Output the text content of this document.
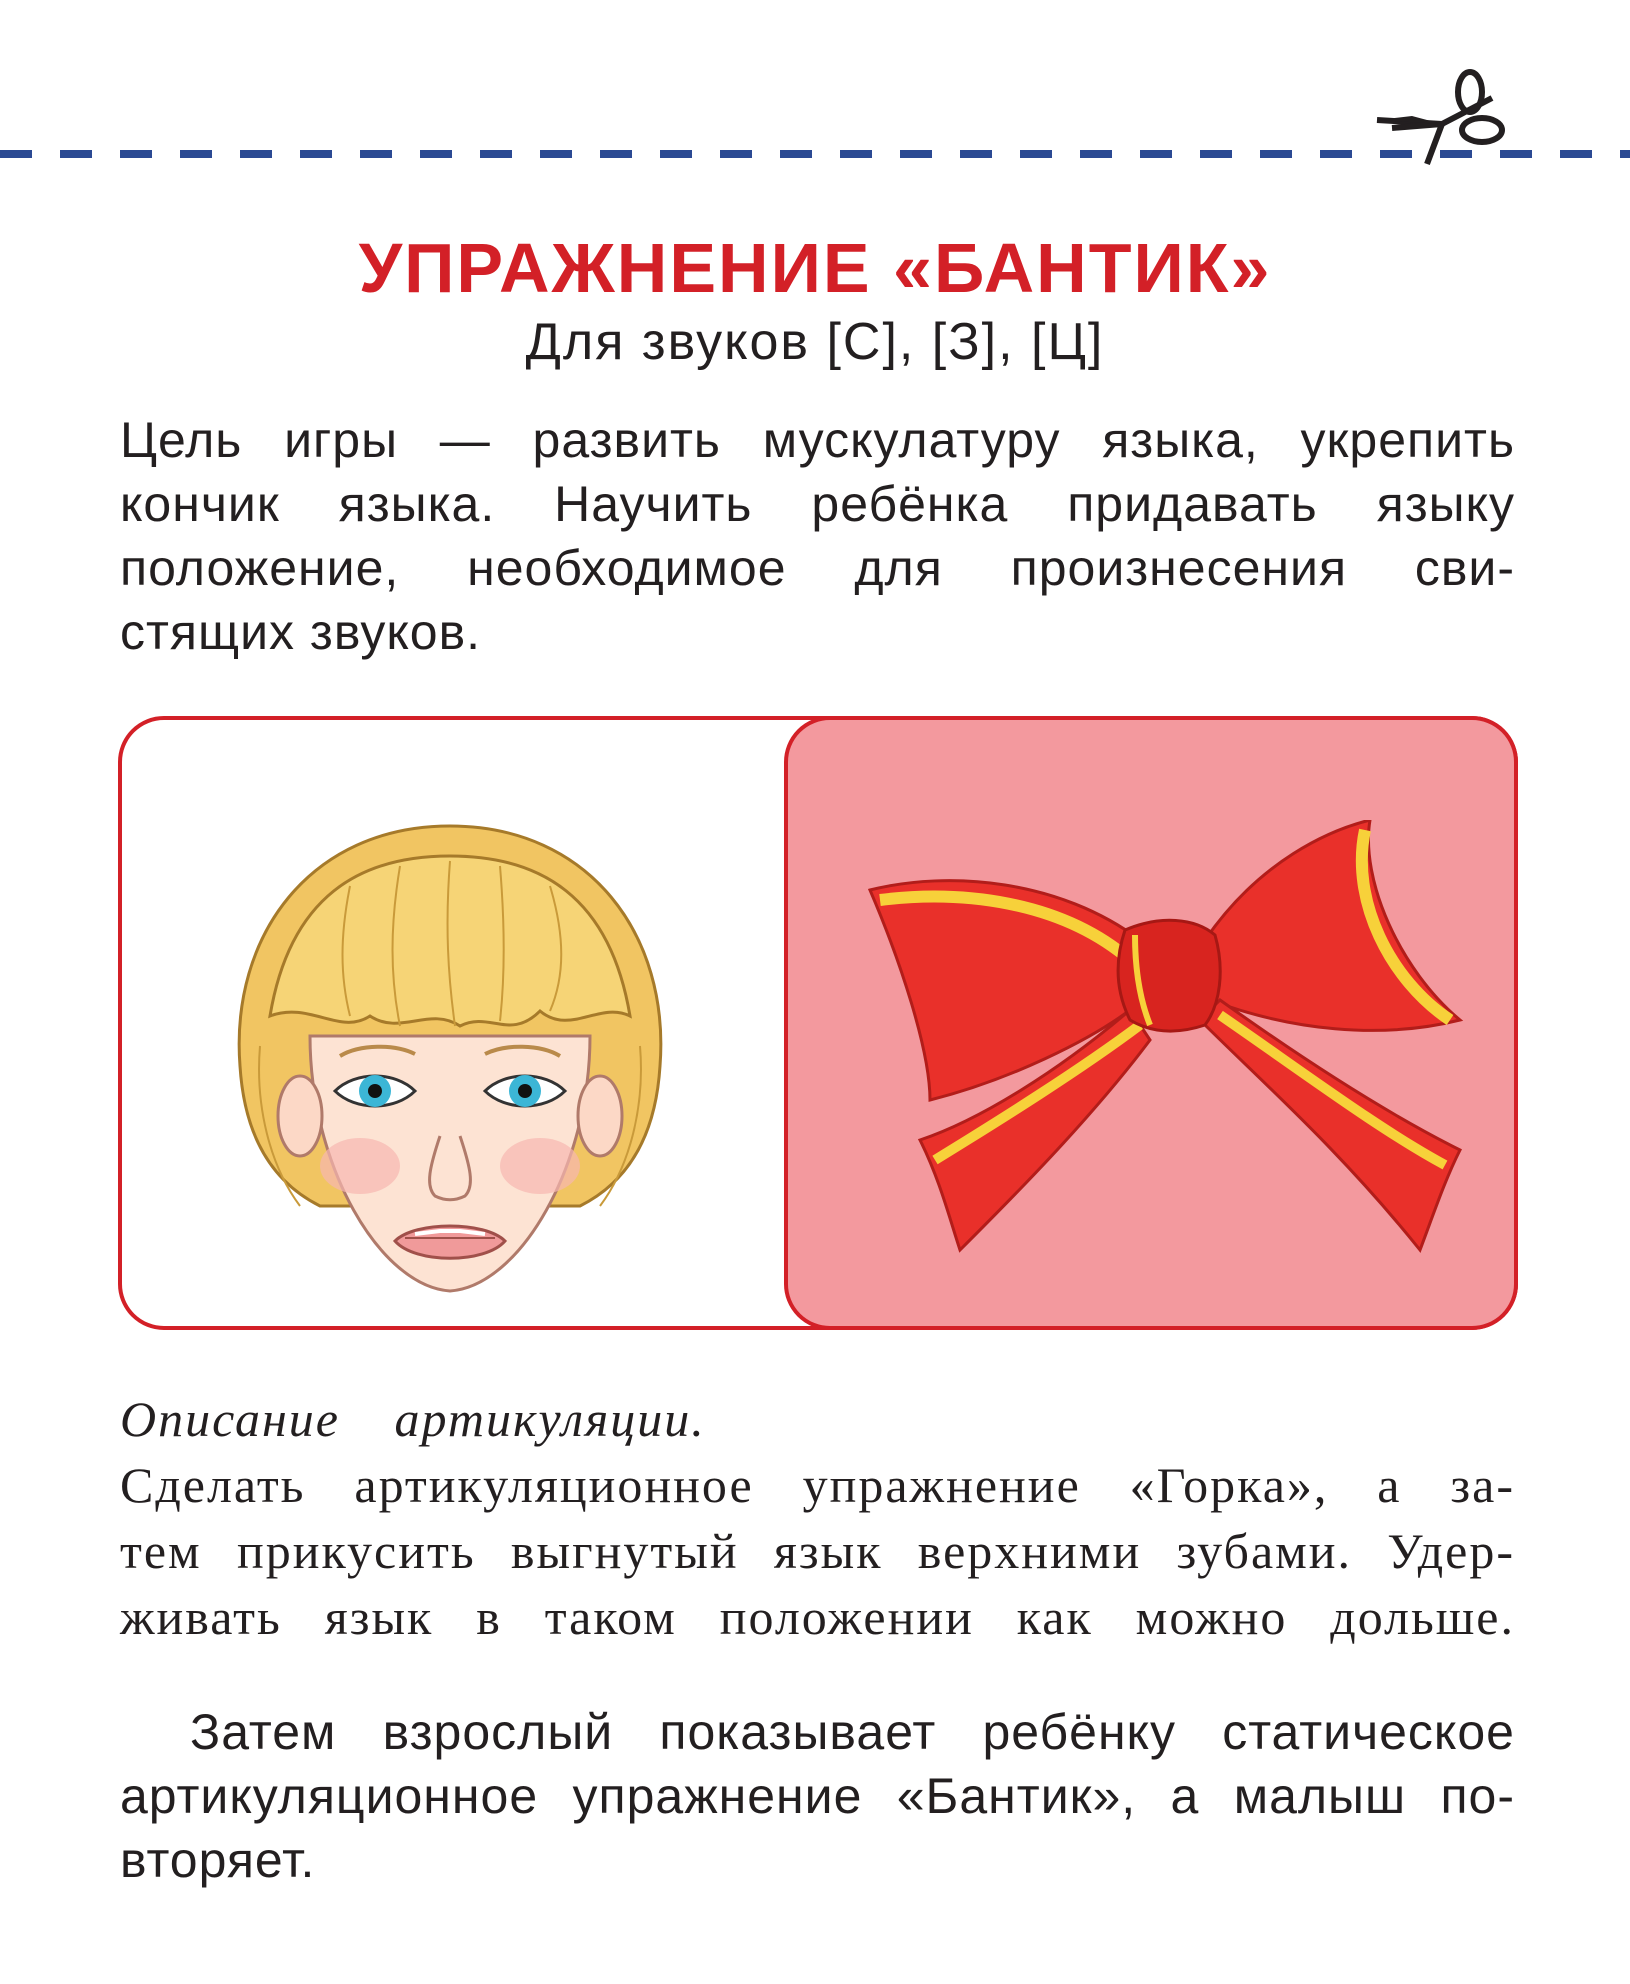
УПРАЖНЕНИЕ «БАНТИК»
Для звуков [С], [З], [Ц]
Цель игры — развить мускулатуру языка, укрепить
кончик языка. Научить ребёнка придавать языку
положение, необходимое для произнесения сви-
стящих звуков.
Описание артикуляции.
Сделать артикуляционное упражнение «Горка», а за-
тем прикусить выгнутый язык верхними зубами. Удер-
живать язык в таком положении как можно дольше.
Затем взрослый показывает ребёнку статическое
артикуляционное упражнение «Бантик», а малыш по-
вторяет.
